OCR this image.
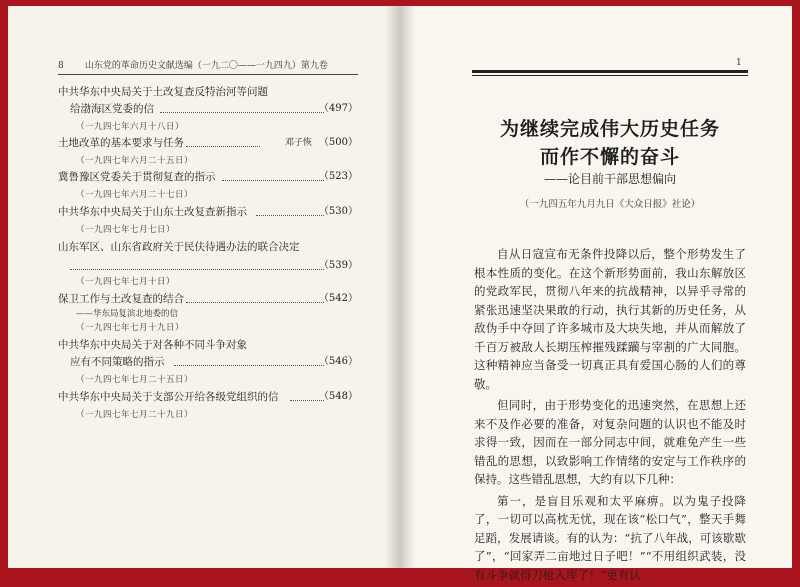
8 山东党的革命历史文献选编（一九二〇——一九四九）第九卷
中共华东中央局关于土改复查反特治河等问题
给渤海区党委的信	（497）
（一九四七年六月十八日）
土地改革的基本要求与任务	邓子恢 （500）
（一九四七年六月二十五日）
冀鲁豫区党委关于贯彻复查的指示	（523）
（一九四七年六月二十七日）
中共华东中央局关于山东土改复查新指示	（530）
（一九四七年七月七日）
山东军区、山东省政府关于民伕待遇办法的联合决定
（539）
（一九四七年七月十日）
保卫工作与土改复查的结合	（542）
——华东局复滨北地委的信
（一九四七年七月十九日）
中共华东中央局关于对各种不同斗争对象
应有不同策略的指示	（546）
（一九四七年七月二十五日）
中共华东中央局关于支部公开给各级党组织的信	（548）
（一九四七年七月二十九日）
1
为继续完成伟大历史任务
而作不懈的奋斗
——论目前干部思想偏向
（一九四五年九月九日《大众日报》社论）

自从日寇宣布无条件投降以后，整个形势发生了根本性质的变化。在这个新形势面前，我山东解放区的党政军民，贯彻八年来的抗战精神，以异乎寻常的紧张迅速坚决果敢的行动，执行其新的历史任务，从敌伪手中夺回了许多城市及大块失地，并从而解放了千百万被敌人长期压榨摧残蹂躏与宰割的广大同胞。这种精神应当备受一切真正具有爱国心肠的人们的尊敬。

但同时，由于形势变化的迅速突然，在思想上还来不及作必要的准备，对复杂问题的认识也不能及时求得一致，因而在一部分同志中间，就难免产生一些错乱的思想，以致影响工作情绪的安定与工作秩序的保持。这些错乱思想，大约有以下几种：

第一，是盲目乐观和太平麻痹。以为鬼子投降了，一切可以高枕无忧，现在该“松口气”，整天手舞足蹈，发展请谈。有的认为：“抗了八年战，可该歇歇了”，“回家弄二亩地过日子吧！”“不用组织武装，没有斗争就得刀枪入库了！”更有认
